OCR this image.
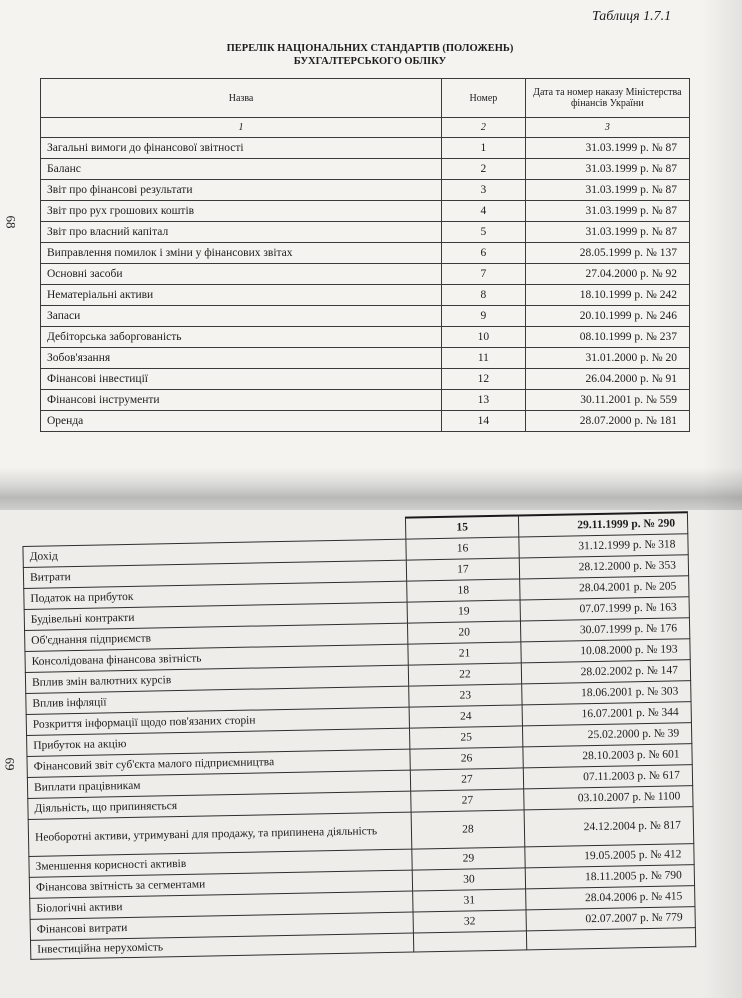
Таблиця 1.7.1
ПЕРЕЛІК НАЦІОНАЛЬНИХ СТАНДАРТІВ (ПОЛОЖЕНЬ)
БУХГАЛТЕРСЬКОГО ОБЛІКУ
68
69
Назва	Номер	Дата та номер наказу Міністерства фінансів України
1	2	3
Загальні вимоги до фінансової звітності	1	31.03.1999 р. № 87
Баланс	2	31.03.1999 р. № 87
Звіт про фінансові результати	3	31.03.1999 р. № 87
Звіт про рух грошових коштів	4	31.03.1999 р. № 87
Звіт про власний капітал	5	31.03.1999 р. № 87
Виправлення помилок і зміни у фінансових звітах	6	28.05.1999 р. № 137
Основні засоби	7	27.04.2000 р. № 92
Нематеріальні активи	8	18.10.1999 р. № 242
Запаси	9	20.10.1999 р. № 246
Дебіторська заборгованість	10	08.10.1999 р. № 237
Зобов'язання	11	31.01.2000 р. № 20
Фінансові інвестиції	12	26.04.2000 р. № 91
Фінансові інструменти	13	30.11.2001 р. № 559
Оренда	14	28.07.2000 р. № 181
	15	29.11.1999 р. № 290
Дохід	16	31.12.1999 р. № 318
Витрати	17	28.12.2000 р. № 353
Податок на прибуток	18	28.04.2001 р. № 205
Будівельні контракти	19	07.07.1999 р. № 163
Об'єднання підприємств	20	30.07.1999 р. № 176
Консолідована фінансова звітність	21	10.08.2000 р. № 193
Вплив змін валютних курсів	22	28.02.2002 р. № 147
Вплив інфляції	23	18.06.2001 р. № 303
Розкриття інформації щодо пов'язаних сторін	24	16.07.2001 р. № 344
Прибуток на акцію	25	25.02.2000 р. № 39
Фінансовий звіт суб'єкта малого підприємництва	26	28.10.2003 р. № 601
Виплати працівникам	27	07.11.2003 р. № 617
Діяльність, що припиняється	27	03.10.2007 р. № 1100
Необоротні активи, утримувані для продажу, та припинена діяльність	28	24.12.2004 р. № 817
Зменшення корисності активів	29	19.05.2005 р. № 412
Фінансова звітність за сегментами	30	18.11.2005 р. № 790
Біологічні активи	31	28.04.2006 р. № 415
Фінансові витрати	32	02.07.2007 р. № 779
Інвестиційна нерухомість		
